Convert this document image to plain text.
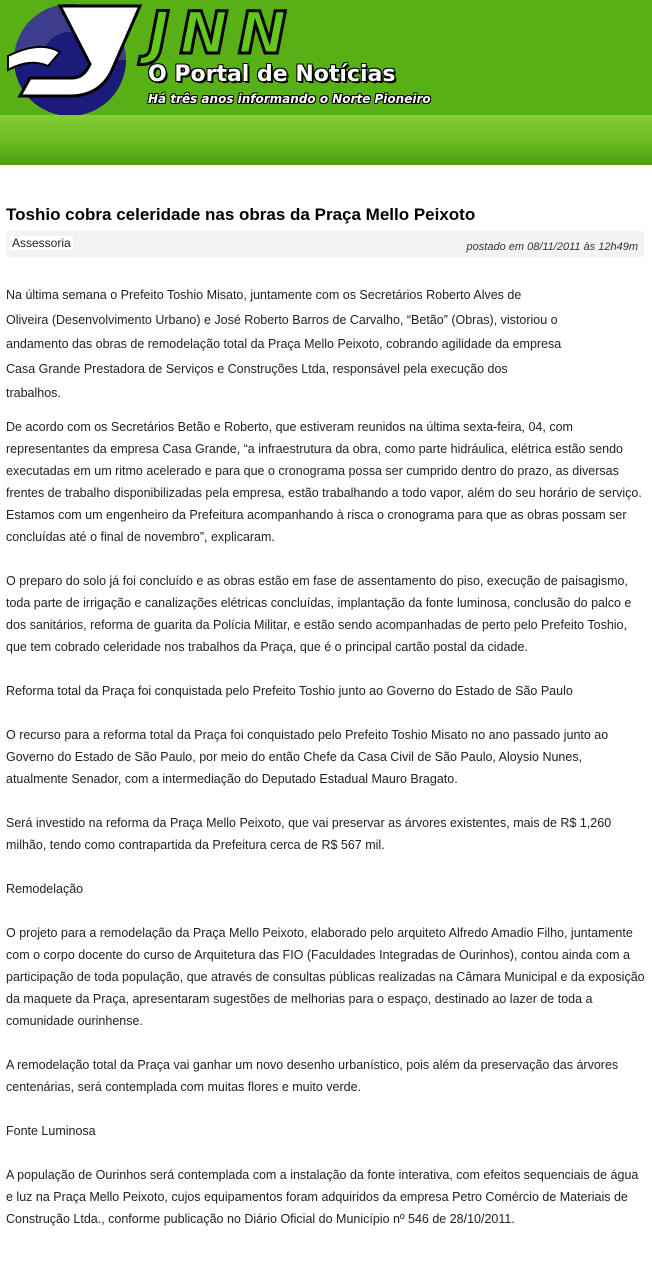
JNN
O Portal de Notícias
Há três anos informando o Norte Pioneiro
Toshio cobra celeridade nas obras da Praça Mello Peixoto
Assessoria	postado em 08/11/2011 às 12h49m

Na última semana o Prefeito Toshio Misato, juntamente com os Secretários Roberto Alves de Oliveira (Desenvolvimento Urbano) e José Roberto Barros de Carvalho, “Betão” (Obras), vistoriou o andamento das obras de remodelação total da Praça Mello Peixoto, cobrando agilidade da empresa Casa Grande Prestadora de Serviços e Construções Ltda, responsável pela execução dos trabalhos.

De acordo com os Secretários Betão e Roberto, que estiveram reunidos na última sexta-feira, 04, com representantes da empresa Casa Grande, “a infraestrutura da obra, como parte hidráulica, elétrica estão sendo executadas em um ritmo acelerado e para que o cronograma possa ser cumprido dentro do prazo, as diversas frentes de trabalho disponibilizadas pela empresa, estão trabalhando a todo vapor, além do seu horário de serviço. Estamos com um engenheiro da Prefeitura acompanhando à risca o cronograma para que as obras possam ser concluídas até o final de novembro”, explicaram.

O preparo do solo já foi concluído e as obras estão em fase de assentamento do piso, execução de paisagismo, toda parte de irrigação e canalizações elétricas concluídas, implantação da fonte luminosa, conclusão do palco e dos sanitários, reforma de guarita da Polícia Militar, e estão sendo acompanhadas de perto pelo Prefeito Toshio, que tem cobrado celeridade nos trabalhos da Praça, que é o principal cartão postal da cidade.

Reforma total da Praça foi conquistada pelo Prefeito Toshio junto ao Governo do Estado de São Paulo

O recurso para a reforma total da Praça foi conquistado pelo Prefeito Toshio Misato no ano passado junto ao Governo do Estado de São Paulo, por meio do então Chefe da Casa Civil de São Paulo, Aloysio Nunes, atualmente Senador, com a intermediação do Deputado Estadual Mauro Bragato.

Será investido na reforma da Praça Mello Peixoto, que vai preservar as árvores existentes, mais de R$ 1,260 milhão, tendo como contrapartida da Prefeitura cerca de R$ 567 mil.

Remodelação

O projeto para a remodelação da Praça Mello Peixoto, elaborado pelo arquiteto Alfredo Amadio Filho, juntamente com o corpo docente do curso de Arquitetura das FIO (Faculdades Integradas de Ourinhos), contou ainda com a participação de toda população, que através de consultas públicas realizadas na Câmara Municipal e da exposição da maquete da Praça, apresentaram sugestões de melhorias para o espaço, destinado ao lazer de toda a comunidade ourinhense.

A remodelação total da Praça vai ganhar um novo desenho urbanístico, pois além da preservação das árvores centenárias, será contemplada com muitas flores e muito verde.

Fonte Luminosa

A população de Ourinhos será contemplada com a instalação da fonte interativa, com efeitos sequenciais de água e luz na Praça Mello Peixoto, cujos equipamentos foram adquiridos da empresa Petro Comércio de Materiais de Construção Ltda., conforme publicação no Diário Oficial do Município nº 546 de 28/10/2011.
